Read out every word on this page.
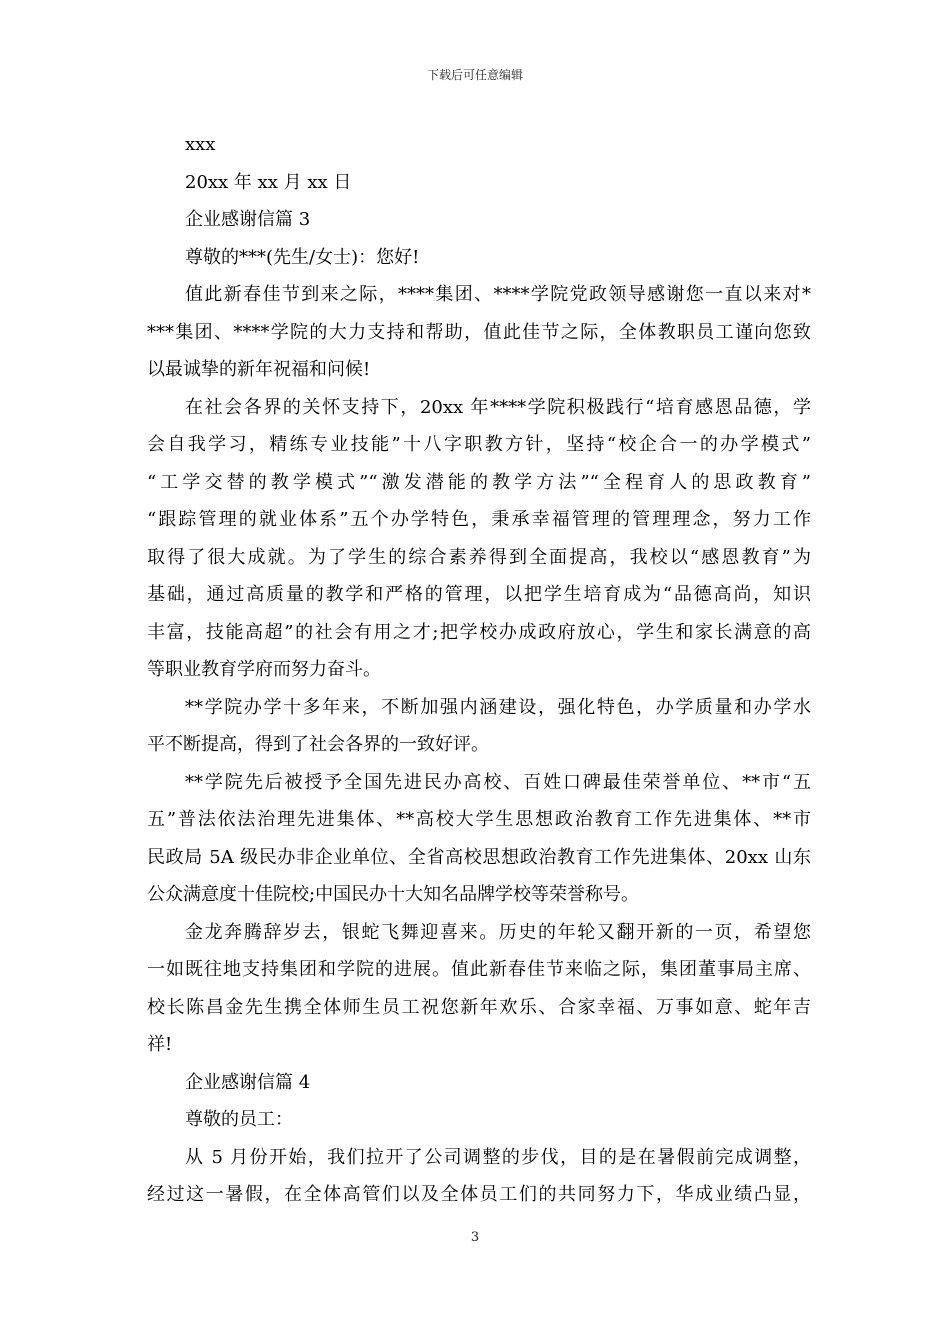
下载后可任意编辑
xxx
20xx 年 xx 月 xx 日
企业感谢信篇 3
尊敬的***(先生/女士)：您好!
值此新春佳节到来之际，****集团、****学院党政领导感谢您一直以来对*
***集团、****学院的大力支持和帮助，值此佳节之际，全体教职员工谨向您致
以最诚挚的新年祝福和问候!
在社会各界的关怀支持下，20xx 年****学院积极践行“培育感恩品德，学
会自我学习，精练专业技能”十八字职教方针，坚持“校企合一的办学模式”
“工学交替的教学模式”“激发潜能的教学方法”“全程育人的思政教育”
“跟踪管理的就业体系”五个办学特色，秉承幸福管理的管理理念，努力工作
取得了很大成就。为了学生的综合素养得到全面提高，我校以“感恩教育”为
基础，通过高质量的教学和严格的管理，以把学生培育成为“品德高尚，知识
丰富，技能高超”的社会有用之才;把学校办成政府放心，学生和家长满意的高
等职业教育学府而努力奋斗。
**学院办学十多年来，不断加强内涵建设，强化特色，办学质量和办学水
平不断提高，得到了社会各界的一致好评。
**学院先后被授予全国先进民办高校、百姓口碑最佳荣誉单位、**市“五
五”普法依法治理先进集体、**高校大学生思想政治教育工作先进集体、**市
民政局 5A 级民办非企业单位、全省高校思想政治教育工作先进集体、20xx 山东
公众满意度十佳院校;中国民办十大知名品牌学校等荣誉称号。
金龙奔腾辞岁去，银蛇飞舞迎喜来。历史的年轮又翻开新的一页，希望您
一如既往地支持集团和学院的进展。值此新春佳节来临之际，集团董事局主席、
校长陈昌金先生携全体师生员工祝您新年欢乐、合家幸福、万事如意、蛇年吉
祥!
企业感谢信篇 4
尊敬的员工：
从 5 月份开始，我们拉开了公司调整的步伐，目的是在暑假前完成调整，
经过这一暑假，在全体高管们以及全体员工们的共同努力下，华成业绩凸显，
3
